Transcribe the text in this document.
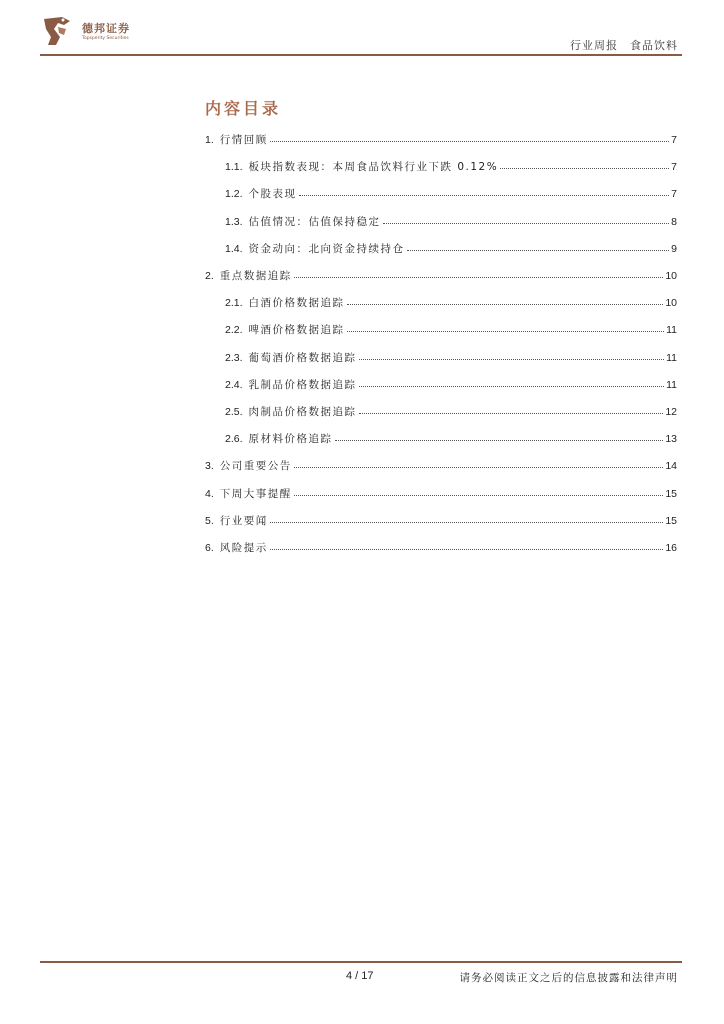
德邦证券
Topsperity Securities
行业周报 食品饮料
内容目录
1. 行情回顾	7
1.1. 板块指数表现：本周食品饮料行业下跌 0.12%	7
1.2. 个股表现	7
1.3. 估值情况：估值保持稳定	8
1.4. 资金动向：北向资金持续持仓	9
2. 重点数据追踪	10
2.1. 白酒价格数据追踪	10
2.2. 啤酒价格数据追踪	11
2.3. 葡萄酒价格数据追踪	11
2.4. 乳制品价格数据追踪	11
2.5. 肉制品价格数据追踪	12
2.6. 原材料价格追踪	13
3. 公司重要公告	14
4. 下周大事提醒	15
5. 行业要闻	15
6. 风险提示	16
4 / 17	请务必阅读正文之后的信息披露和法律声明
